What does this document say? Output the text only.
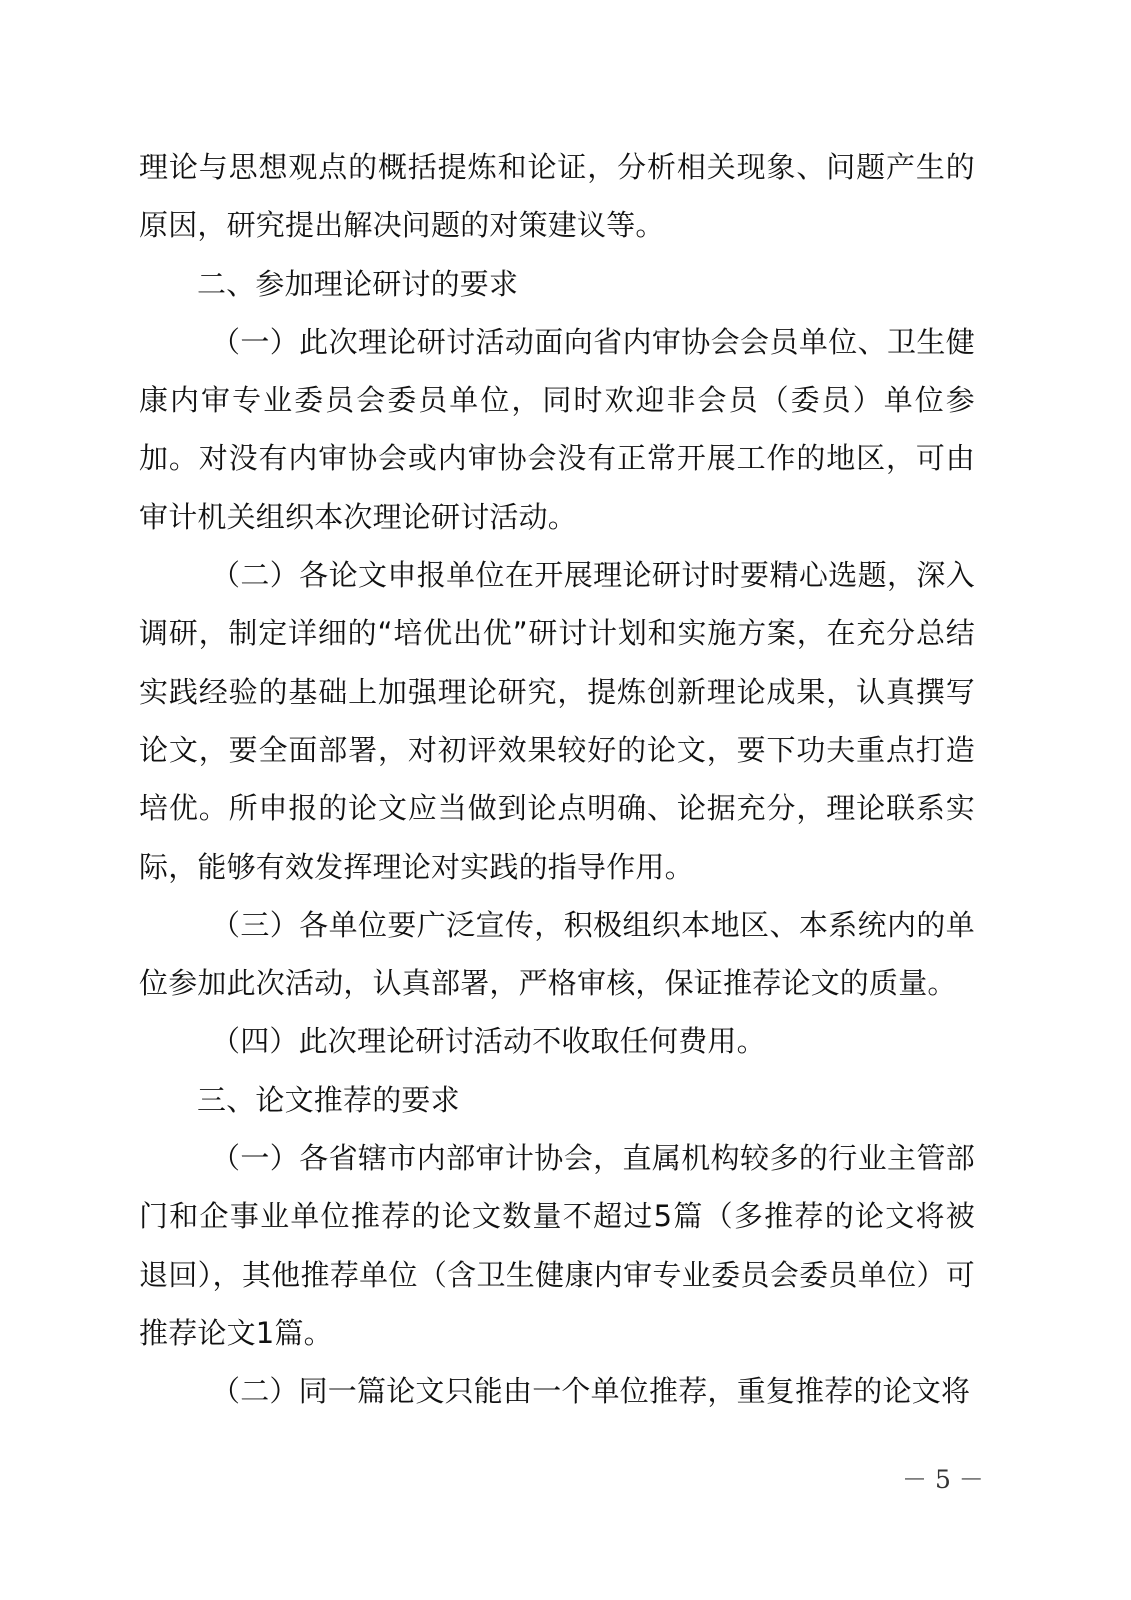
理论与思想观点的概括提炼和论证，分析相关现象、问题产生的原因，研究提出解决问题的对策建议等。

二、参加理论研讨的要求

（一）此次理论研讨活动面向省内审协会会员单位、卫生健康内审专业委员会委员单位，同时欢迎非会员（委员）单位参加。对没有内审协会或内审协会没有正常开展工作的地区，可由审计机关组织本次理论研讨活动。

（二）各论文申报单位在开展理论研讨时要精心选题，深入调研，制定详细的“培优出优”研讨计划和实施方案，在充分总结实践经验的基础上加强理论研究，提炼创新理论成果，认真撰写论文，要全面部署，对初评效果较好的论文，要下功夫重点打造培优。所申报的论文应当做到论点明确、论据充分，理论联系实际，能够有效发挥理论对实践的指导作用。

（三）各单位要广泛宣传，积极组织本地区、本系统内的单位参加此次活动，认真部署，严格审核，保证推荐论文的质量。

（四）此次理论研讨活动不收取任何费用。

三、论文推荐的要求

（一）各省辖市内部审计协会，直属机构较多的行业主管部门和企事业单位推荐的论文数量不超过5篇（多推荐的论文将被退回），其他推荐单位（含卫生健康内审专业委员会委员单位）可推荐论文1篇。

（二）同一篇论文只能由一个单位推荐，重复推荐的论文将

－ 5 －
